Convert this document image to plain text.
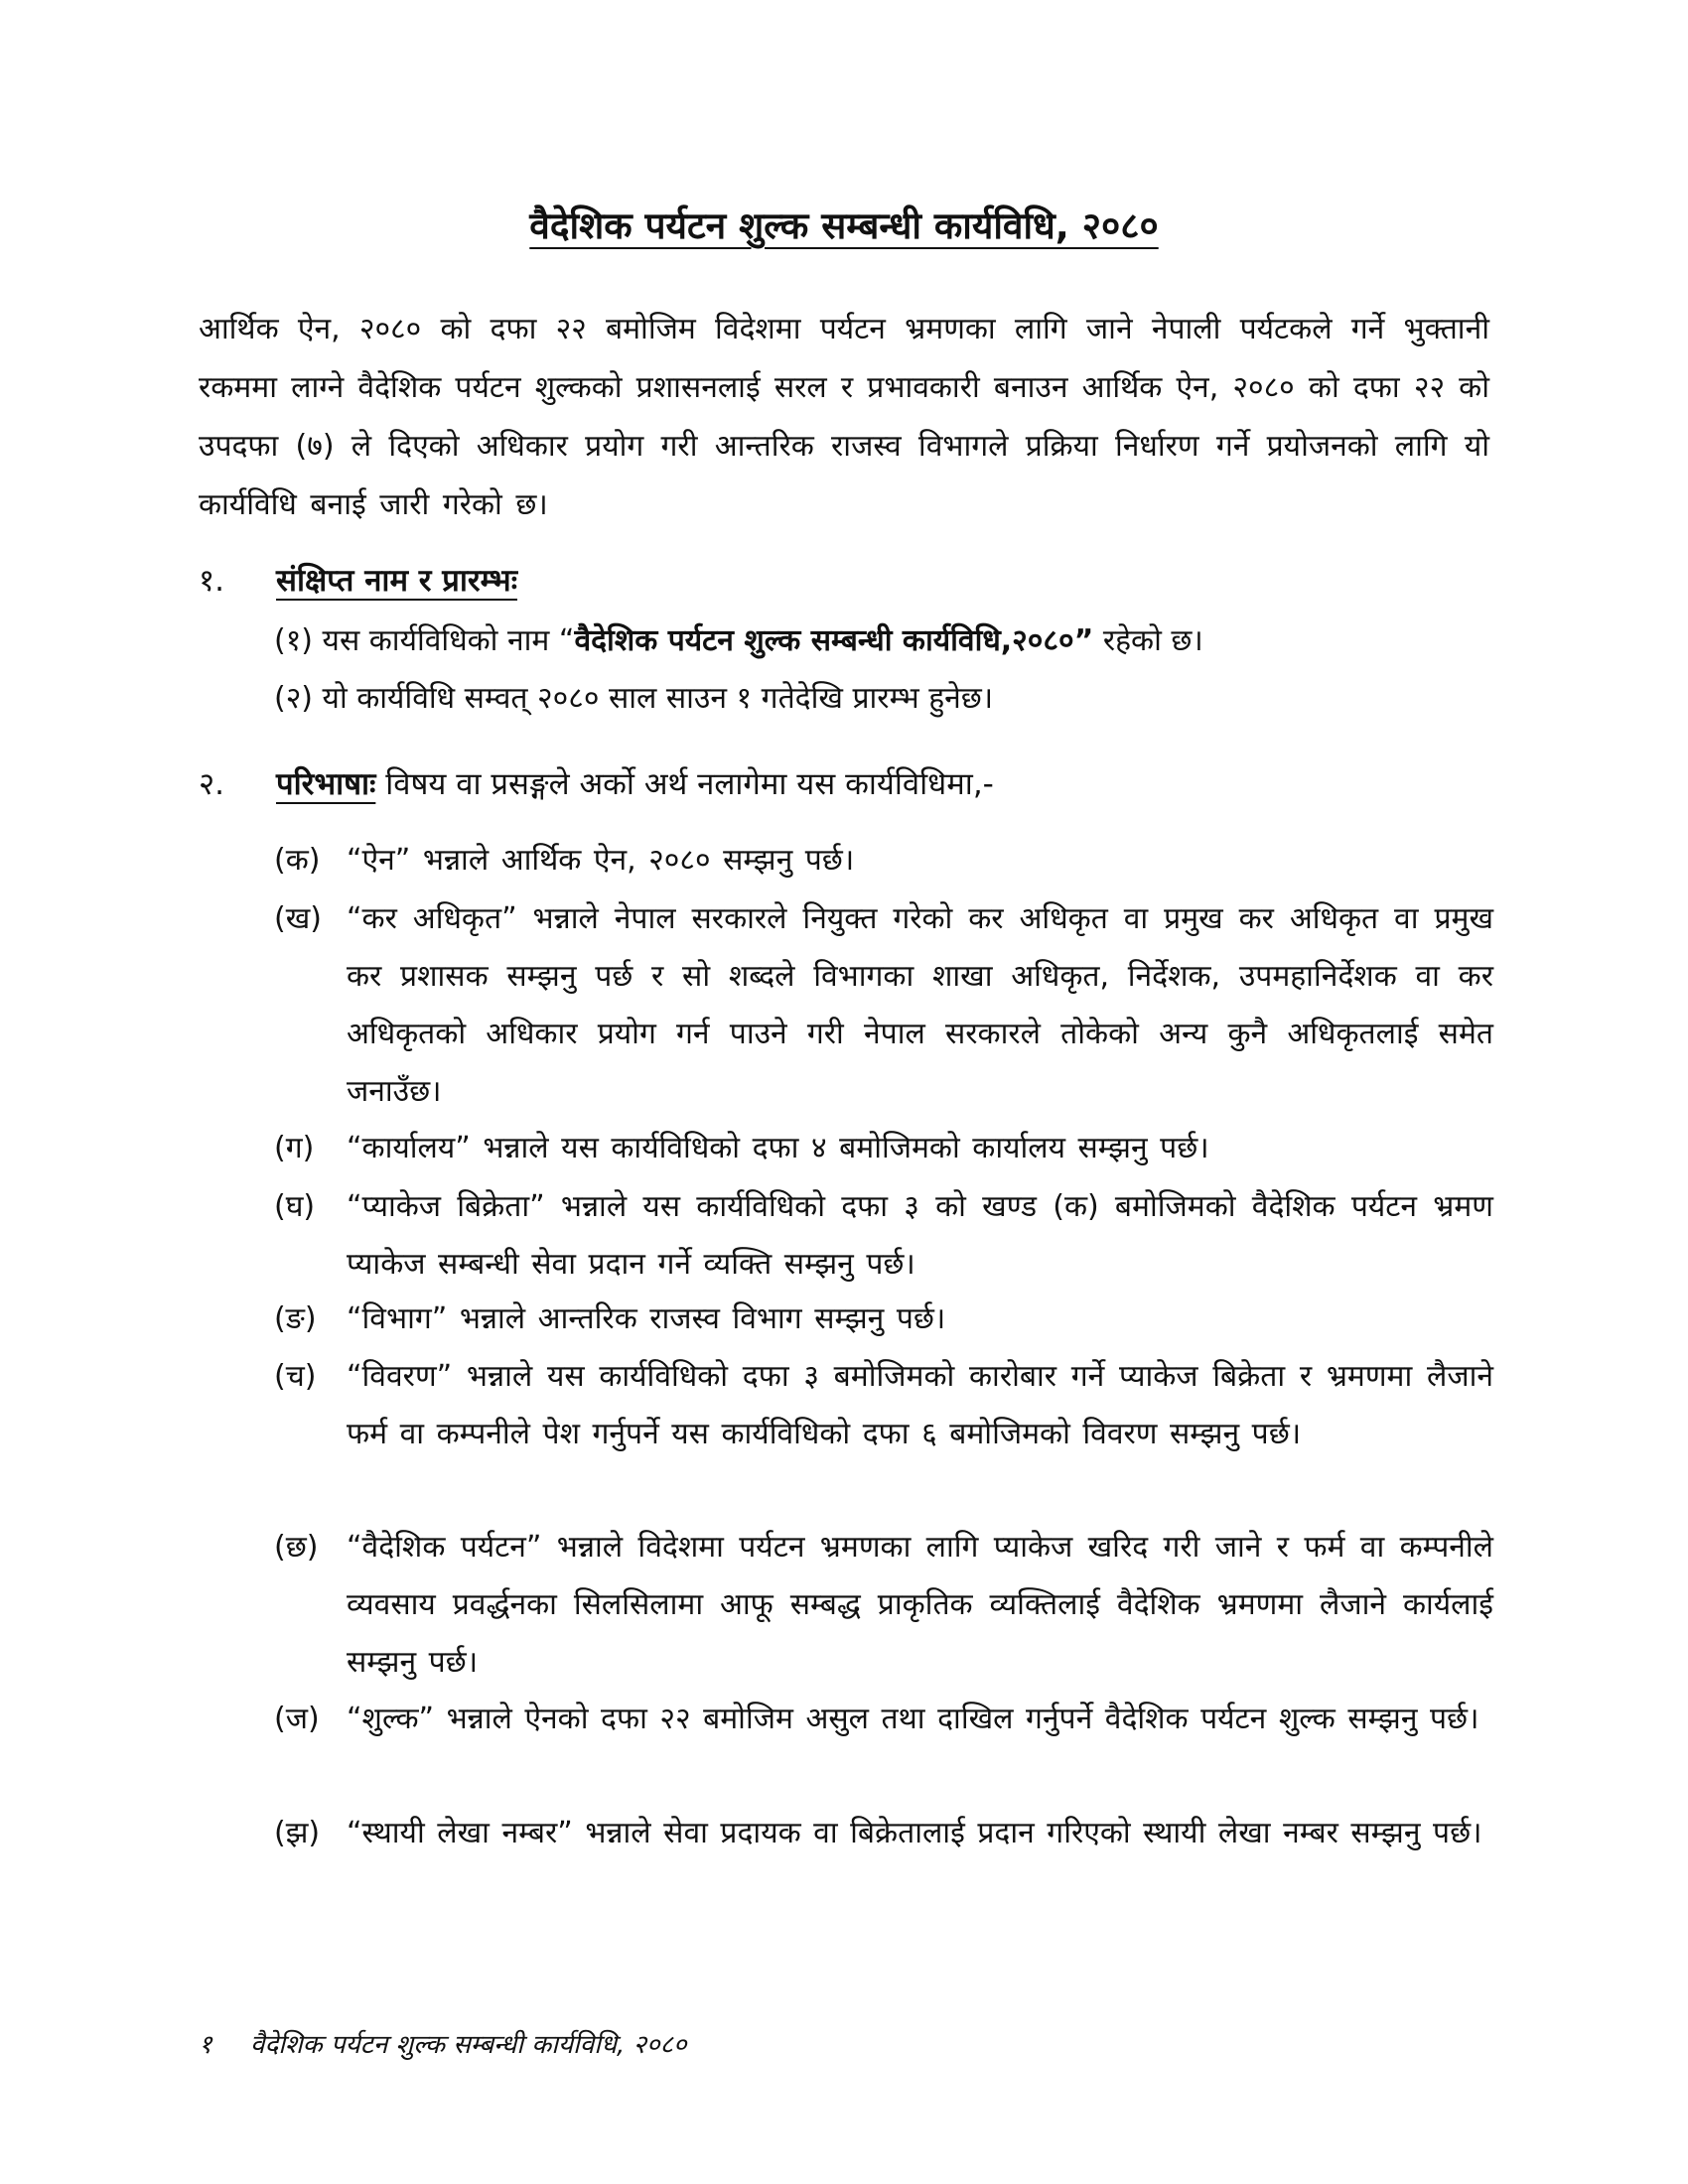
वैदेशिक पर्यटन शुल्क सम्बन्धी कार्यविधि, २०८०
आर्थिक ऐन, २०८० को दफा २२ बमोजिम विदेशमा पर्यटन भ्रमणका लागि जाने नेपाली पर्यटकले गर्ने भुक्तानी रकममा लाग्ने वैदेशिक पर्यटन शुल्कको प्रशासनलाई सरल र प्रभावकारी बनाउन आर्थिक ऐन, २०८० को दफा २२ को उपदफा (७) ले दिएको अधिकार प्रयोग गरी आन्तरिक राजस्व विभागले प्रक्रिया निर्धारण गर्ने प्रयोजनको लागि यो कार्यविधि बनाई जारी गरेको छ।
१. संक्षिप्त नाम र प्रारम्भः
(१) यस कार्यविधिको नाम “वैदेशिक पर्यटन शुल्क सम्बन्धी कार्यविधि,२०८०” रहेको छ।
(२) यो कार्यविधि सम्वत् २०८० साल साउन १ गतेदेखि प्रारम्भ हुनेछ।
२. परिभाषाः विषय वा प्रसङ्गले अर्को अर्थ नलागेमा यस कार्यविधिमा,-
(क) “ऐन” भन्नाले आर्थिक ऐन, २०८० सम्झनु पर्छ।
(ख) “कर अधिकृत” भन्नाले नेपाल सरकारले नियुक्त गरेको कर अधिकृत वा प्रमुख कर अधिकृत वा प्रमुख कर प्रशासक सम्झनु पर्छ र सो शब्दले विभागका शाखा अधिकृत, निर्देशक, उपमहानिर्देशक वा कर अधिकृतको अधिकार प्रयोग गर्न पाउने गरी नेपाल सरकारले तोकेको अन्य कुनै अधिकृतलाई समेत जनाउँछ।
(ग)	“कार्यालय” भन्नाले यस कार्यविधिको दफा ४ बमोजिमको कार्यालय सम्झनु पर्छ।
(घ)	“प्याकेज बिक्रेता” भन्नाले यस कार्यविधिको दफा ३ को खण्ड (क) बमोजिमको वैदेशिक पर्यटन भ्रमण प्याकेज सम्बन्धी सेवा प्रदान गर्ने व्यक्ति सम्झनु पर्छ।
(ङ)	“विभाग” भन्नाले आन्तरिक राजस्व विभाग सम्झनु पर्छ।
(च)	“विवरण” भन्नाले यस कार्यविधिको दफा ३ बमोजिमको कारोबार गर्ने प्याकेज बिक्रेता र भ्रमणमा लैजाने फर्म वा कम्पनीले पेश गर्नुपर्ने यस कार्यविधिको दफा ६ बमोजिमको विवरण सम्झनु पर्छ।
(छ) “वैदेशिक पर्यटन” भन्नाले विदेशमा पर्यटन भ्रमणका लागि प्याकेज खरिद गरी जाने र फर्म वा कम्पनीले व्यवसाय प्रवर्द्धनका सिलसिलामा आफू सम्बद्ध प्राकृतिक व्यक्तिलाई वैदेशिक भ्रमणमा लैजाने कार्यलाई सम्झनु पर्छ।
(ज) “शुल्क” भन्नाले ऐनको दफा २२ बमोजिम असुल तथा दाखिल गर्नुपर्ने वैदेशिक पर्यटन शुल्क सम्झनु पर्छ।
(झ) “स्थायी लेखा नम्बर” भन्नाले सेवा प्रदायक वा बिक्रेतालाई प्रदान गरिएको स्थायी लेखा नम्बर सम्झनु पर्छ।
१ वैदेशिक पर्यटन शुल्क सम्बन्धी कार्यविधि, २०८०
